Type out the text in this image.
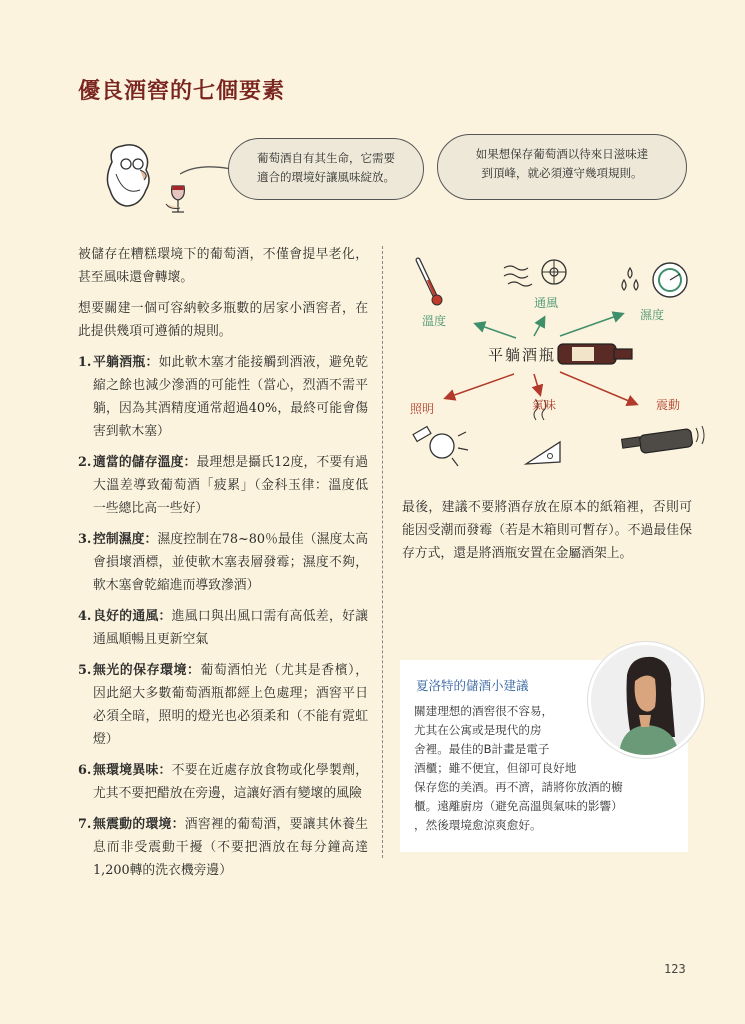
優良酒窖的七個要素
葡萄酒自有其生命，它需要
適合的環境好讓風味綻放。
如果想保存葡萄酒以待來日滋味達
到頂峰，就必須遵守幾項規則。

被儲存在糟糕環境下的葡萄酒，不僅會提早老化，甚至風味還會轉壞。

想要關建一個可容納較多瓶數的居家小酒窖者，在此提供幾項可遵循的規則。

1. 平躺酒瓶：如此軟木塞才能接觸到酒液，避免乾縮之餘也減少滲酒的可能性（當心，烈酒不需平躺，因為其酒精度通常超過40%，最終可能會傷害到軟木塞）
2. 適當的儲存溫度：最理想是攝氏12度，不要有過大溫差導致葡萄酒「疲累」（金科玉律：溫度低一些總比高一些好）
3. 控制濕度：濕度控制在78~80％最佳（濕度太高會損壞酒標，並使軟木塞表層發霉；濕度不夠，軟木塞會乾縮進而導致滲酒）
4. 良好的通風：進風口與出風口需有高低差，好讓通風順暢且更新空氣
5. 無光的保存環境：葡萄酒怕光（尤其是香檳），因此絕大多數葡萄酒瓶都經上色處理；酒窖平日必須全暗，照明的燈光也必須柔和（不能有霓虹燈）
6. 無環境異味：不要在近處存放食物或化學製劑，尤其不要把醋放在旁邊，這讓好酒有變壞的風險
7. 無震動的環境：酒窖裡的葡萄酒，要讓其休養生息而非受震動干擾（不要把酒放在每分鐘高達1,200轉的洗衣機旁邊）
溫度
通風
濕度
平躺酒瓶
照明	氣味	震動
最後，建議不要將酒存放在原本的紙箱裡，否則可能因受潮而發霉（若是木箱則可暫存）。不過最佳保存方式，還是將酒瓶安置在金屬酒架上。
夏洛特的儲酒小建議
關建理想的酒窖很不容易，
尤其在公寓或是現代的房
舍裡。最佳的B計畫是電子
酒櫃；雖不便宜，但卻可良好地
保存您的美酒。再不濟，請將你放酒的櫥
櫃。遠離廚房（避免高溫與氣味的影響）
，然後環境愈涼爽愈好。
123
